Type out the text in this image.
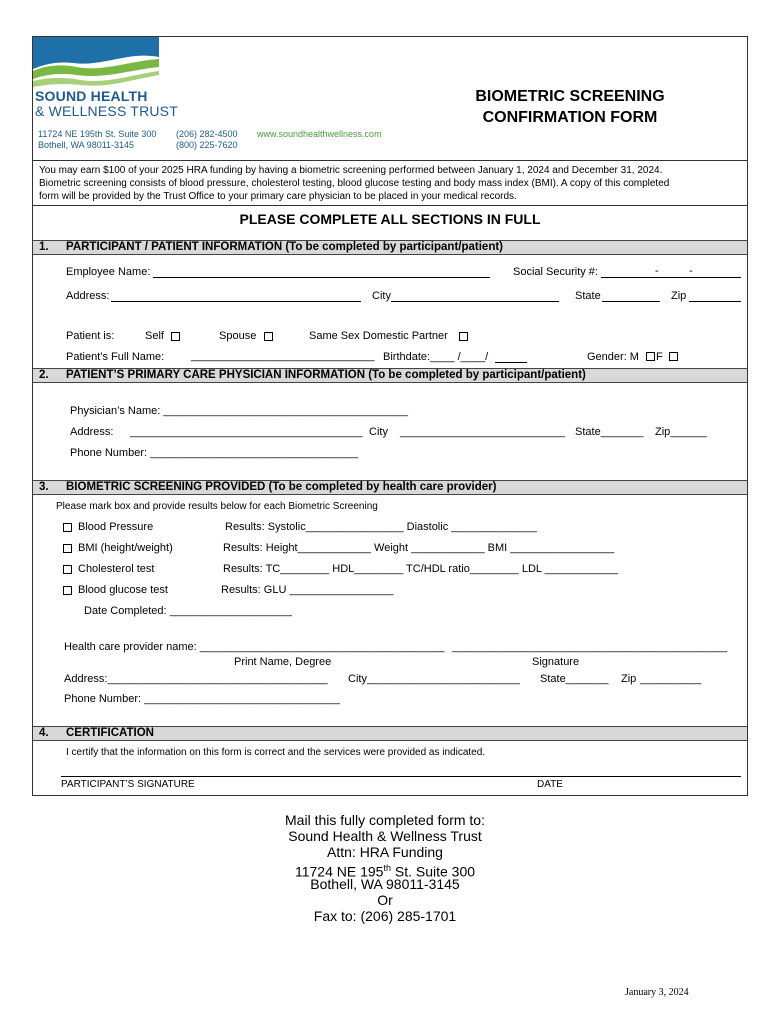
SOUND HEALTH
& WELLNESS TRUST
11724 NE 195th St. Suite 300
Bothell, WA 98011-3145
(206) 282-4500
(800) 225-7620
www.soundhealthwellness.com
BIOMETRIC SCREENING
CONFIRMATION FORM
You may earn $100 of your 2025 HRA funding by having a biometric screening performed between January 1, 2024 and December 31, 2024.
Biometric screening consists of blood pressure, cholesterol testing, blood glucose testing and body mass index (BMI). A copy of this completed
form will be provided by the Trust Office to your primary care physician to be placed in your medical records.
PLEASE COMPLETE ALL SECTIONS IN FULL
1. PARTICIPANT / PATIENT INFORMATION (To be completed by participant/patient)
Employee Name:	Social Security #:	-	-
Address:	City	State	Zip
Patient is:	Self	Spouse	Same Sex Domestic Partner
Patient’s Full Name: ______________________________ Birthdate:____ /____/	Gender: M F
2. PATIENT’S PRIMARY CARE PHYSICIAN INFORMATION (To be completed by participant/patient)
Physician’s Name: ________________________________________
Address: ______________________________________ City ___________________________ State_______ Zip______
Phone Number: __________________________________
3. BIOMETRIC SCREENING PROVIDED (To be completed by health care provider)
Please mark box and provide results below for each Biometric Screening
Blood Pressure	Results: Systolic________________ Diastolic ______________
BMI (height/weight)	Results: Height____________ Weight ____________ BMI _________________
Cholesterol test	Results: TC________ HDL________ TC/HDL ratio________ LDL ____________
Blood glucose test	Results: GLU _________________
Date Completed: ____________________
Health care provider name: ________________________________________ _____________________________________________
Print Name, Degree	Signature
Address:____________________________________ City_________________________ State_______ Zip __________
Phone Number: ________________________________
4. CERTIFICATION
I certify that the information on this form is correct and the services were provided as indicated.
PARTICIPANT’S SIGNATURE	DATE
Mail this fully completed form to:
Sound Health & Wellness Trust
Attn: HRA Funding
11724 NE 195th St. Suite 300
Bothell, WA 98011-3145
Or
Fax to: (206) 285-1701
January 3, 2024
